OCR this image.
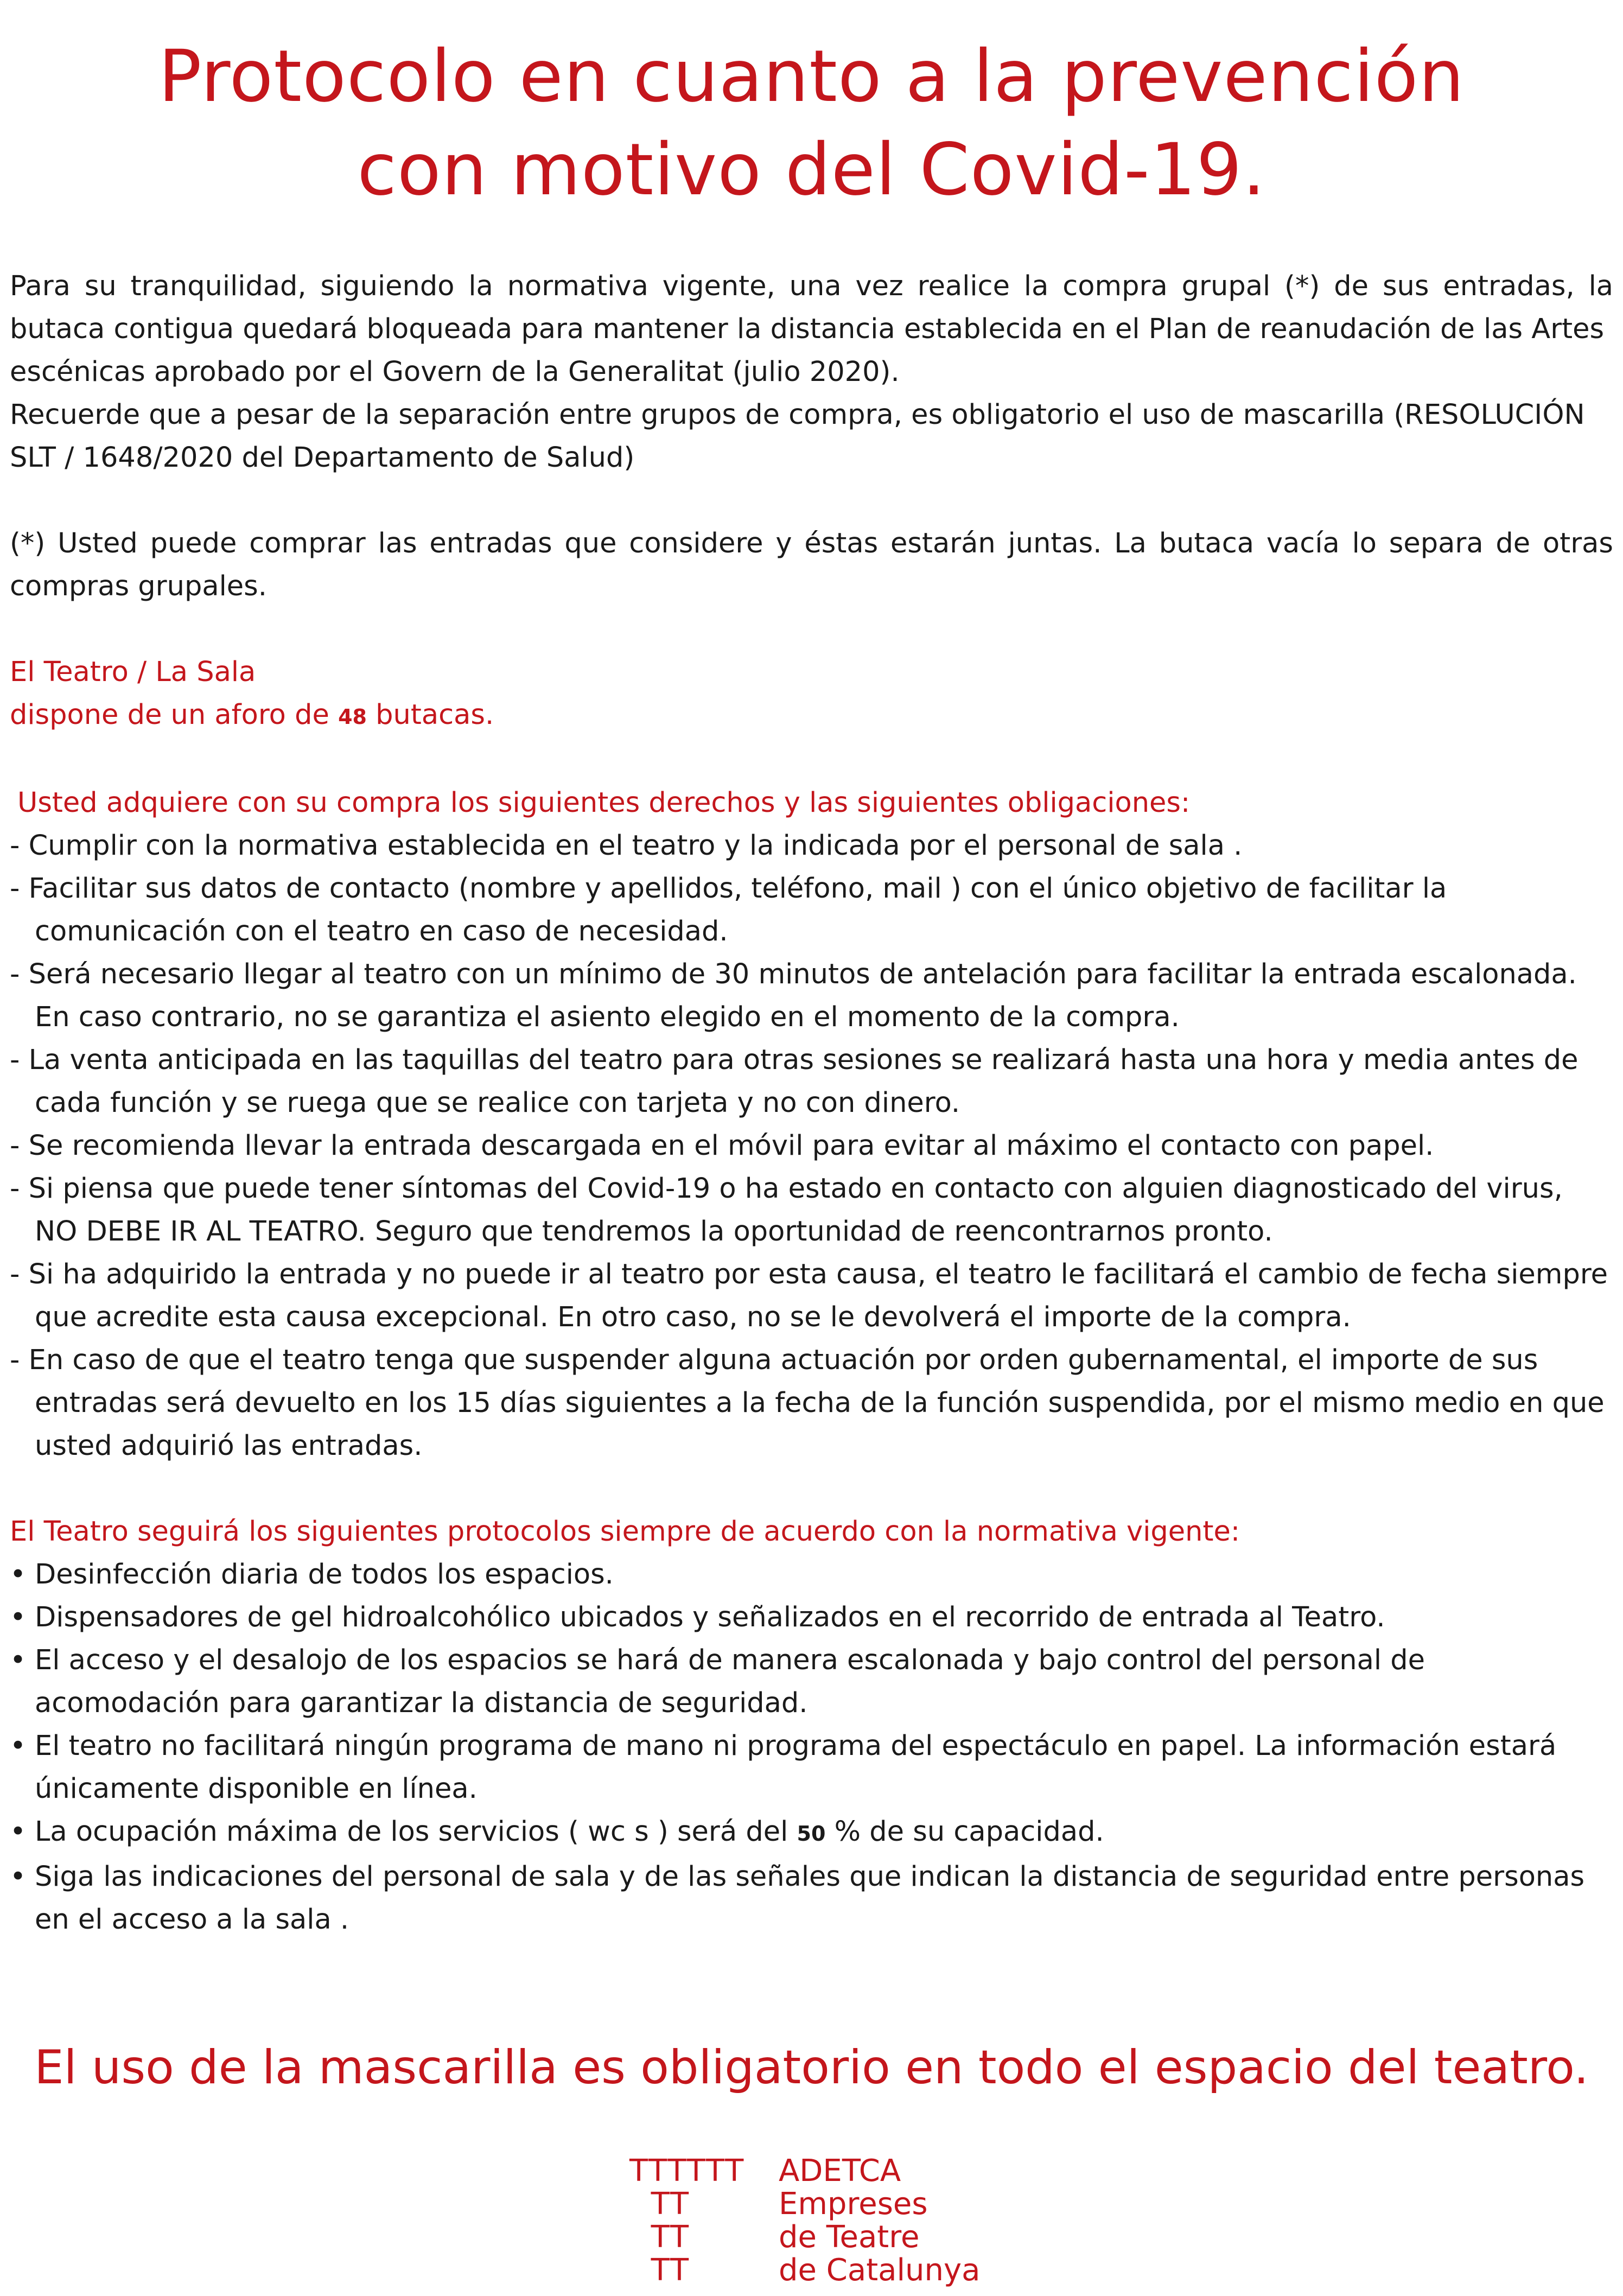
Protocolo en cuanto a la prevención
con motivo del Covid-19.

Para su tranquilidad, siguiendo la normativa vigente, una vez realice la compra grupal (*) de sus entradas, la

butaca contigua quedará bloqueada para mantener la distancia establecida en el Plan de reanudación de las Artes

escénicas aprobado por el Govern de la Generalitat (julio 2020).

Recuerde que a pesar de la separación entre grupos de compra, es obligatorio el uso de mascarilla (RESOLUCIÓN

SLT / 1648/2020 del Departamento de Salud)

(*) Usted puede comprar las entradas que considere y éstas estarán juntas. La butaca vacía lo separa de otras

compras grupales.

El Teatro / La Sala

dispone de un aforo de 48 butacas.

Usted adquiere con su compra los siguientes derechos y las siguientes obligaciones:

- Cumplir con la normativa establecida en el teatro y la indicada por el personal de sala .

- Facilitar sus datos de contacto (nombre y apellidos, teléfono, mail ) con el único objetivo de facilitar la comunicación con el teatro en caso de necesidad.

- Será necesario llegar al teatro con un mínimo de 30 minutos de antelación para facilitar la entrada escalonada. En caso contrario, no se garantiza el asiento elegido en el momento de la compra.

- La venta anticipada en las taquillas del teatro para otras sesiones se realizará hasta una hora y media antes de cada función y se ruega que se realice con tarjeta y no con dinero.

- Se recomienda llevar la entrada descargada en el móvil para evitar al máximo el contacto con papel.

- Si piensa que puede tener síntomas del Covid-19 o ha estado en contacto con alguien diagnosticado del virus, NO DEBE IR AL TEATRO. Seguro que tendremos la oportunidad de reencontrarnos pronto.

- Si ha adquirido la entrada y no puede ir al teatro por esta causa, el teatro le facilitará el cambio de fecha siempre que acredite esta causa excepcional. En otro caso, no se le devolverá el importe de la compra.

- En caso de que el teatro tenga que suspender alguna actuación por orden gubernamental, el importe de sus entradas será devuelto en los 15 días siguientes a la fecha de la función suspendida, por el mismo medio en que usted adquirió las entradas.

El Teatro seguirá los siguientes protocolos siempre de acuerdo con la normativa vigente:

• Desinfección diaria de todos los espacios.

• Dispensadores de gel hidroalcohólico ubicados y señalizados en el recorrido de entrada al Teatro.

• El acceso y el desalojo de los espacios se hará de manera escalonada y bajo control del personal de acomodación para garantizar la distancia de seguridad.

• El teatro no facilitará ningún programa de mano ni programa del espectáculo en papel. La información estará únicamente disponible en línea.

• La ocupación máxima de los servicios ( wc s ) será del 50 % de su capacidad.

• Siga las indicaciones del personal de sala y de las señales que indican la distancia de seguridad entre personas en el acceso a la sala .

El uso de la mascarilla es obligatorio en todo el espacio del teatro.

TTTTTT
TT
TT
TT
ADETCA
Empreses
de Teatre
de Catalunya
